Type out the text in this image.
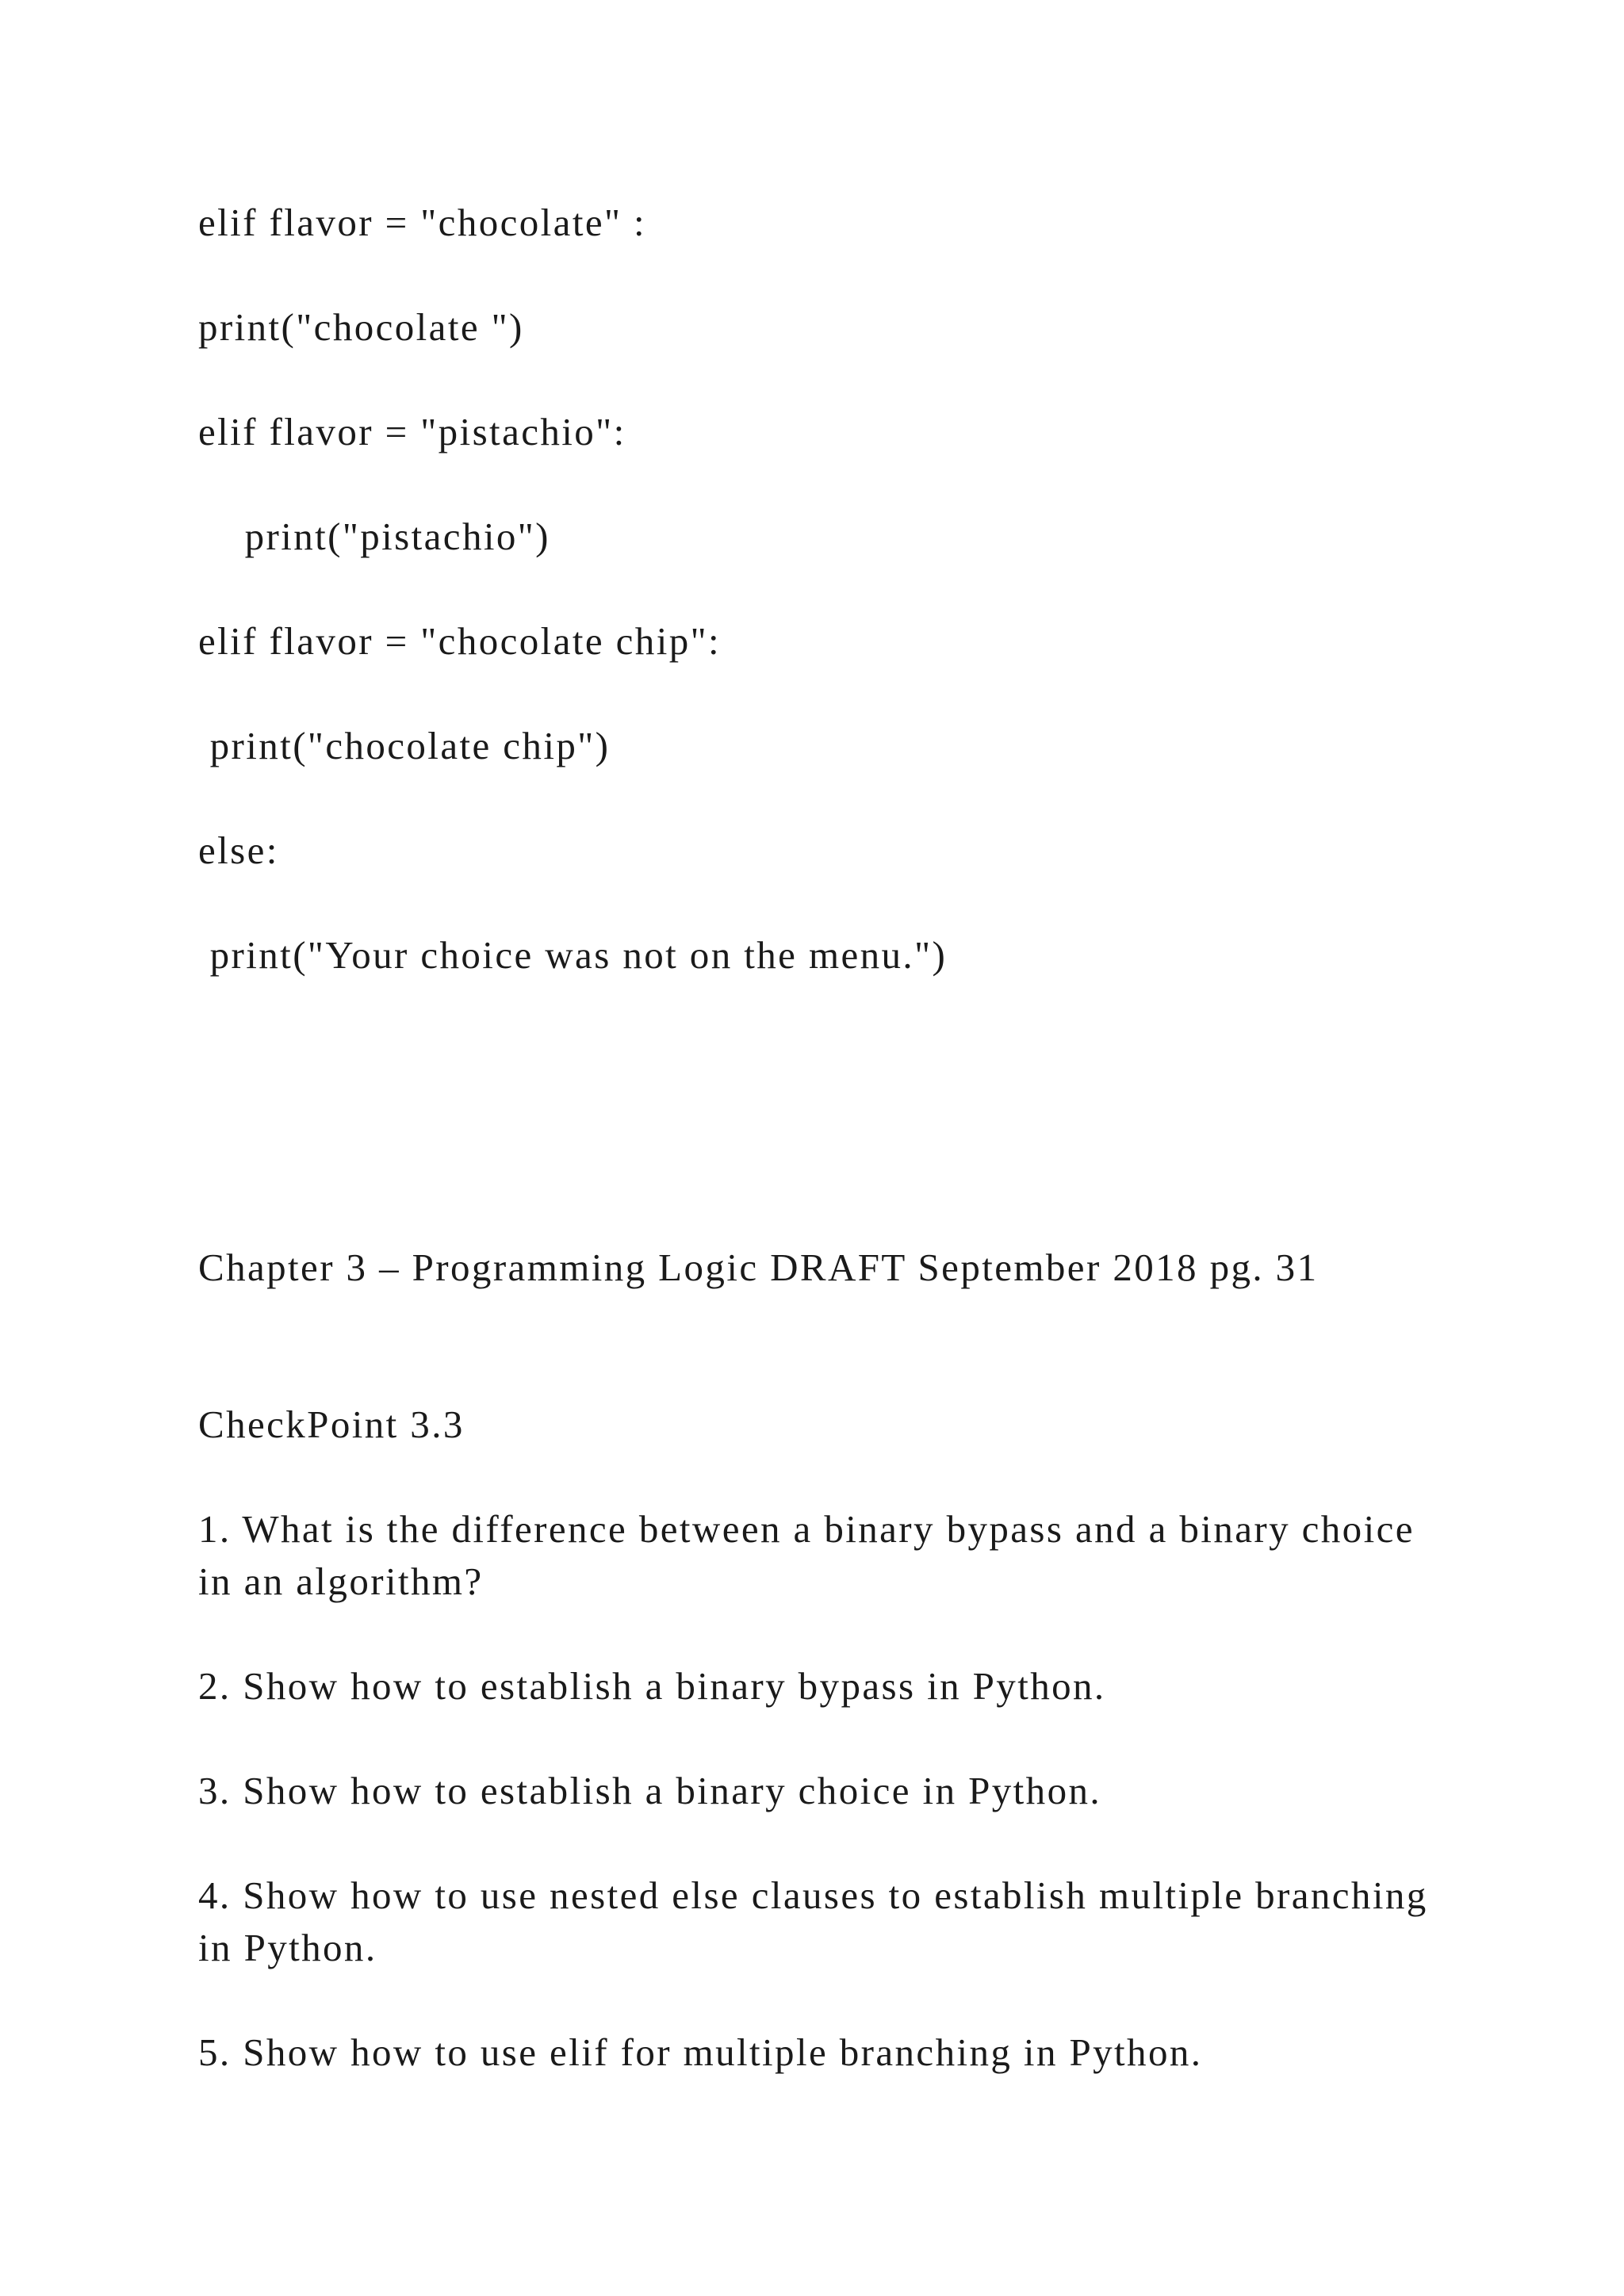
elif flavor = "chocolate" :

print("chocolate ")

elif flavor = "pistachio":

print("pistachio")

elif flavor = "chocolate chip":

print("chocolate chip")

else:

print("Your choice was not on the menu.")

Chapter 3 – Programming Logic DRAFT September 2018 pg. 31

CheckPoint 3.3

1. What is the difference between a binary bypass and a binary choice in an algorithm?

2. Show how to establish a binary bypass in Python.

3. Show how to establish a binary choice in Python.

4. Show how to use nested else clauses to establish multiple branching in Python.

5. Show how to use elif for multiple branching in Python.
